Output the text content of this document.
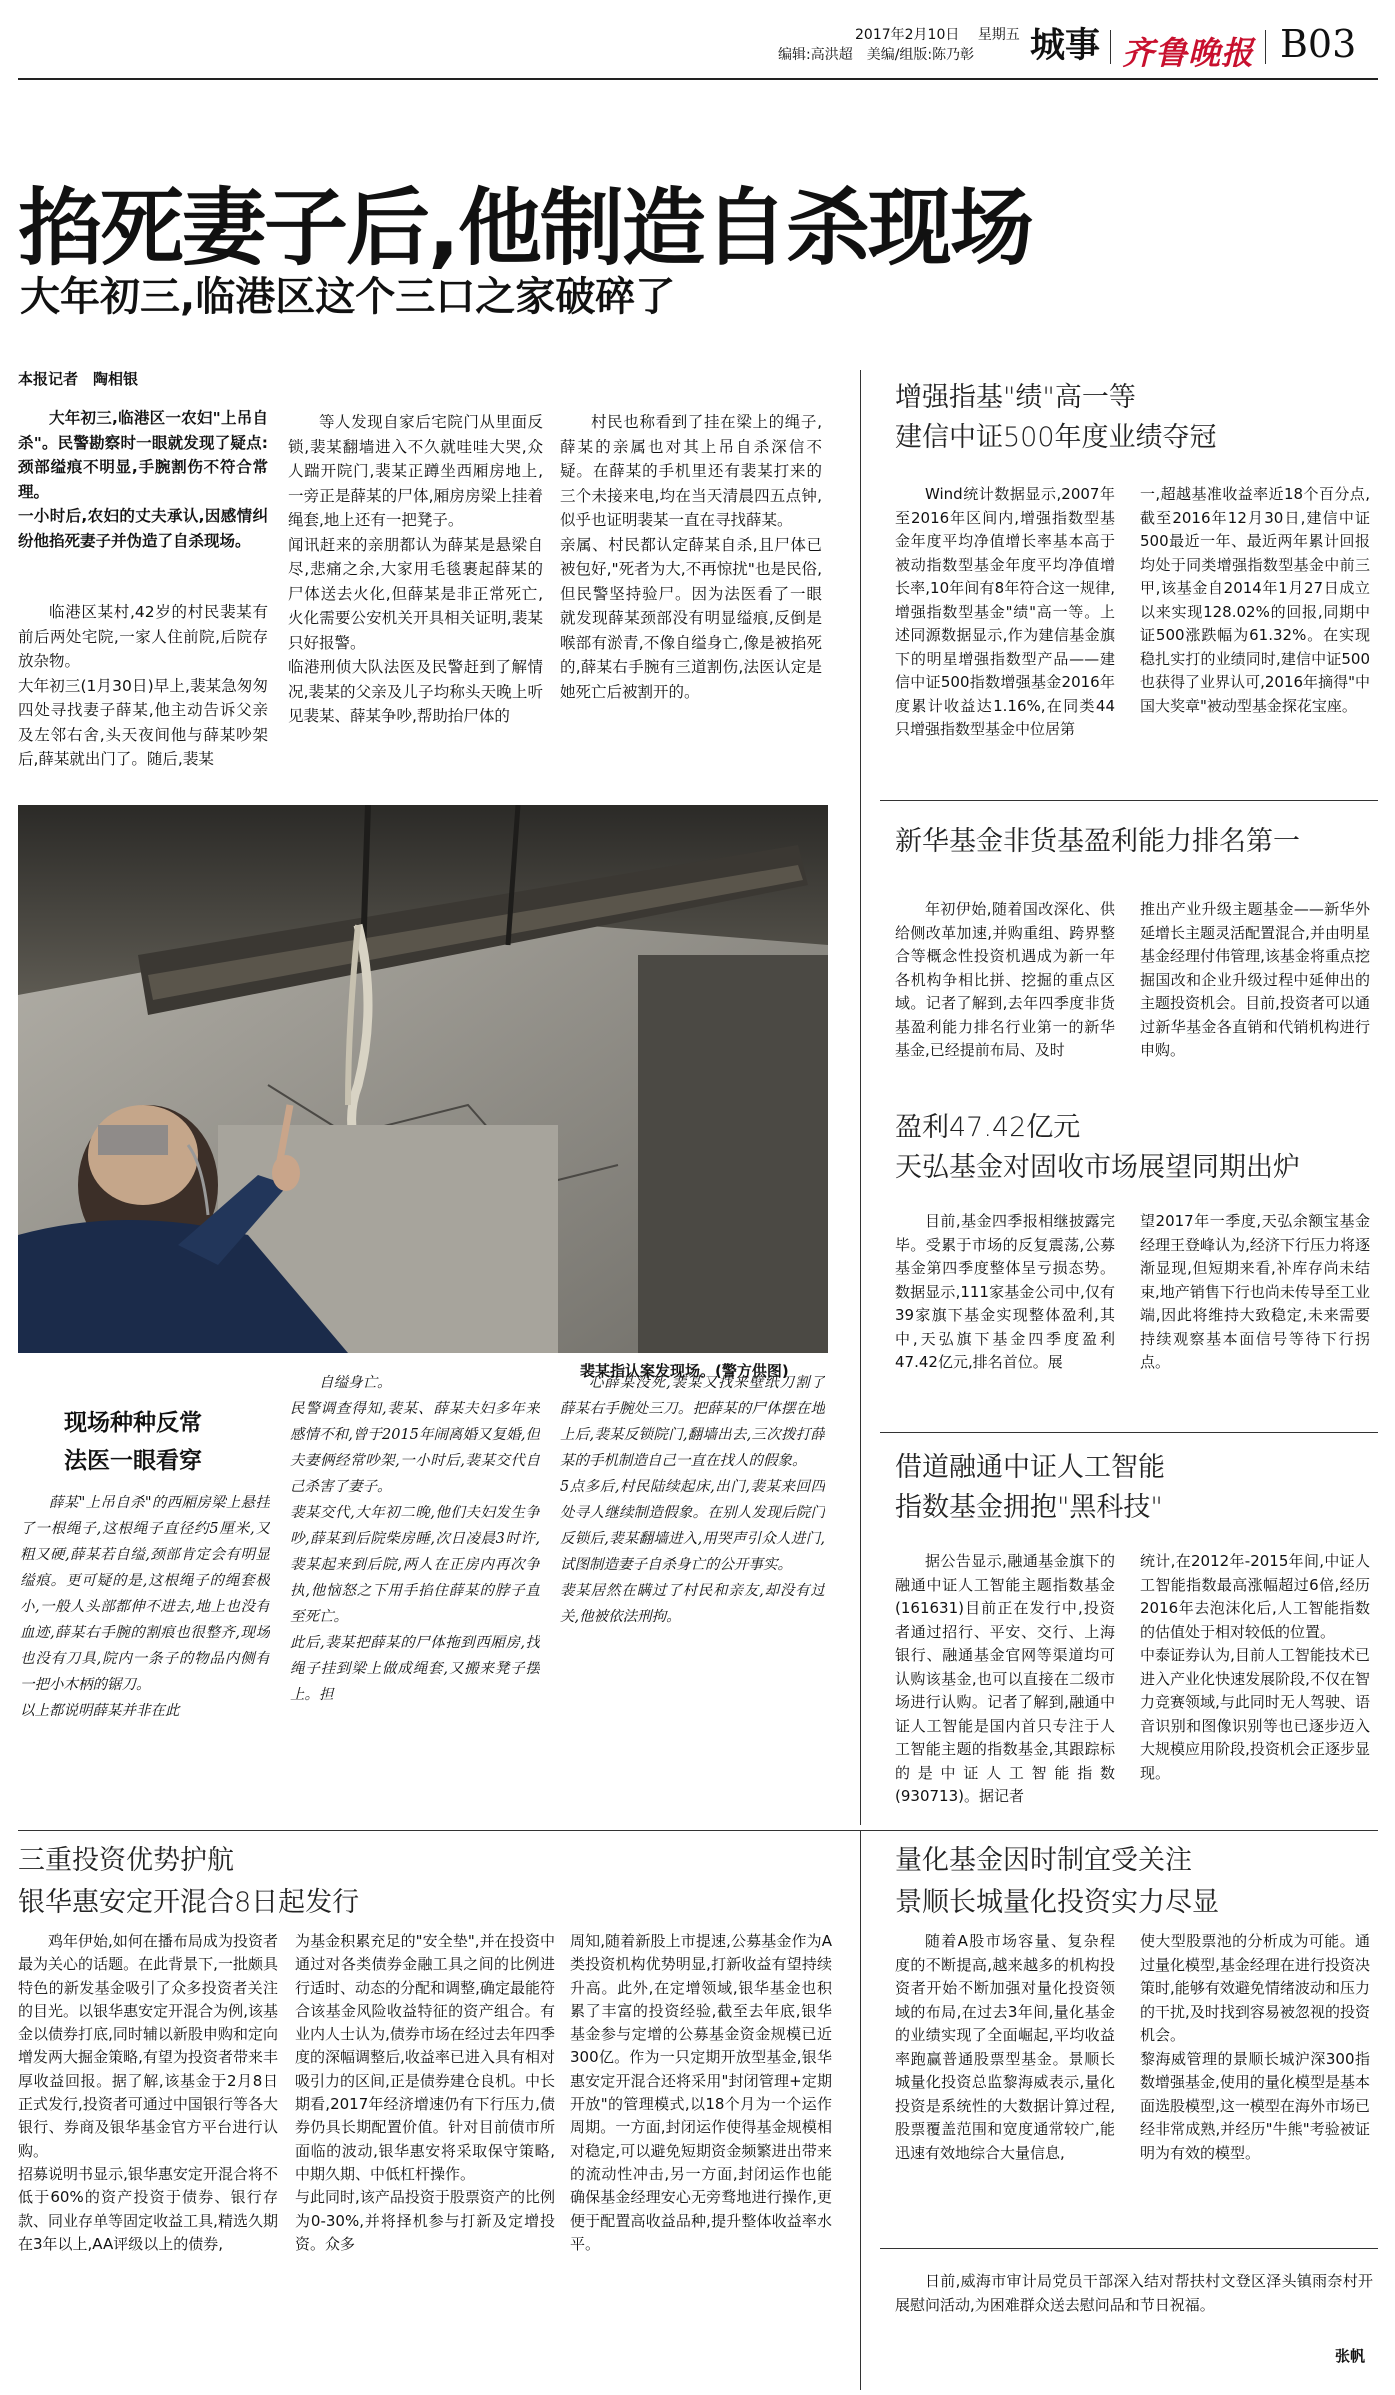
2017年2月10日 星期五
编辑:高洪超　美编/组版:陈乃彰 城事 齐鲁晚报 B03
掐死妻子后,他制造自杀现场
大年初三,临港区这个三口之家破碎了
本报记者　陶相银

大年初三,临港区一农妇"上吊自杀"。民警勘察时一眼就发现了疑点:颈部缢痕不明显,手腕割伤不符合常理。
一小时后,农妇的丈夫承认,因感情纠纷他掐死妻子并伪造了自杀现场。

临港区某村,42岁的村民裴某有前后两处宅院,一家人住前院,后院存放杂物。
大年初三(1月30日)早上,裴某急匆匆四处寻找妻子薛某,他主动告诉父亲及左邻右舍,头天夜间他与薛某吵架后,薛某就出门了。随后,裴某

等人发现自家后宅院门从里面反锁,裴某翻墙进入不久就哇哇大哭,众人踹开院门,裴某正蹲坐西厢房地上,一旁正是薛某的尸体,厢房房梁上挂着绳套,地上还有一把凳子。
闻讯赶来的亲朋都认为薛某是悬梁自尽,悲痛之余,大家用毛毯裹起薛某的尸体送去火化,但薛某是非正常死亡,火化需要公安机关开具相关证明,裴某只好报警。
临港刑侦大队法医及民警赶到了解情况,裴某的父亲及儿子均称头天晚上听见裴某、薛某争吵,帮助抬尸体的

村民也称看到了挂在梁上的绳子,薛某的亲属也对其上吊自杀深信不疑。在薛某的手机里还有裴某打来的三个未接来电,均在当天清晨四五点钟,似乎也证明裴某一直在寻找薛某。
亲属、村民都认定薛某自杀,且尸体已被包好,"死者为大,不再惊扰"也是民俗,但民警坚持验尸。因为法医看了一眼就发现薛某颈部没有明显缢痕,反倒是喉部有淤青,不像自缢身亡,像是被掐死的,薛某右手腕有三道割伤,法医认定是她死亡后被割开的。

裴某指认案发现场。(警方供图)
现场种种反常
法医一眼看穿

薛某"上吊自杀"的西厢房梁上悬挂了一根绳子,这根绳子直径约5厘米,又粗又硬,薛某若自缢,颈部肯定会有明显缢痕。更可疑的是,这根绳子的绳套极小,一般人头部都伸不进去,地上也没有血迹,薛某右手腕的割痕也很整齐,现场也没有刀具,院内一条子的物品内侧有一把小木柄的锯刀。
以上都说明薛某并非在此

自缢身亡。
民警调查得知,裴某、薛某夫妇多年来感情不和,曾于2015年闹离婚又复婚,但夫妻俩经常吵架,一小时后,裴某交代自己杀害了妻子。
裴某交代,大年初二晚,他们夫妇发生争吵,薛某到后院柴房睡,次日凌晨3时许,裴某起来到后院,两人在正房内再次争执,他恼怒之下用手掐住薛某的脖子直至死亡。
此后,裴某把薛某的尸体拖到西厢房,找绳子挂到梁上做成绳套,又搬来凳子摆上。担

心薛某没死,裴某又找来壁纸刀割了薛某右手腕处三刀。把薛某的尸体摆在地上后,裴某反锁院门,翻墙出去,三次拨打薛某的手机制造自己一直在找人的假象。
5点多后,村民陆续起床,出门,裴某来回四处寻人继续制造假象。在别人发现后院门反锁后,裴某翻墙进入,用哭声引众人进门,试图制造妻子自杀身亡的公开事实。
裴某居然在瞒过了村民和亲友,却没有过关,他被依法刑拘。

增强指基"绩"高一等
建信中证500年度业绩夺冠

Wind统计数据显示,2007年至2016年区间内,增强指数型基金年度平均净值增长率基本高于被动指数型基金年度平均净值增长率,10年间有8年符合这一规律,增强指数型基金"绩"高一等。上述同源数据显示,作为建信基金旗下的明星增强指数型产品——建信中证500指数增强基金2016年度累计收益达1.16%,在同类44只增强指数型基金中位居第

一,超越基准收益率近18个百分点,截至2016年12月30日,建信中证500最近一年、最近两年累计回报均处于同类增强指数型基金中前三甲,该基金自2014年1月27日成立以来实现128.02%的回报,同期中证500涨跌幅为61.32%。在实现稳扎实打的业绩同时,建信中证500也获得了业界认可,2016年摘得"中国大奖章"被动型基金探花宝座。

新华基金非货基盈利能力排名第一

年初伊始,随着国改深化、供给侧改革加速,并购重组、跨界整合等概念性投资机遇成为新一年各机构争相比拼、挖掘的重点区域。记者了解到,去年四季度非货基盈利能力排名行业第一的新华基金,已经提前布局、及时

推出产业升级主题基金——新华外延增长主题灵活配置混合,并由明星基金经理付伟管理,该基金将重点挖掘国改和企业升级过程中延伸出的主题投资机会。目前,投资者可以通过新华基金各直销和代销机构进行申购。

盈利47.42亿元
天弘基金对固收市场展望同期出炉

目前,基金四季报相继披露完毕。受累于市场的反复震荡,公募基金第四季度整体呈亏损态势。数据显示,111家基金公司中,仅有39家旗下基金实现整体盈利,其中,天弘旗下基金四季度盈利47.42亿元,排名首位。展

望2017年一季度,天弘余额宝基金经理王登峰认为,经济下行压力将逐渐显现,但短期来看,补库存尚未结束,地产销售下行也尚未传导至工业端,因此将维持大致稳定,未来需要持续观察基本面信号等待下行拐点。

借道融通中证人工智能
指数基金拥抱"黑科技"

据公告显示,融通基金旗下的融通中证人工智能主题指数基金(161631)目前正在发行中,投资者通过招行、平安、交行、上海银行、融通基金官网等渠道均可认购该基金,也可以直接在二级市场进行认购。记者了解到,融通中证人工智能是国内首只专注于人工智能主题的指数基金,其跟踪标的是中证人工智能指数(930713)。据记者

统计,在2012年-2015年间,中证人工智能指数最高涨幅超过6倍,经历2016年去泡沫化后,人工智能指数的估值处于相对较低的位置。
中泰证券认为,目前人工智能技术已进入产业化快速发展阶段,不仅在智力竞赛领域,与此同时无人驾驶、语音识别和图像识别等也已逐步迈入大规模应用阶段,投资机会正逐步显现。

三重投资优势护航
银华惠安定开混合8日起发行

鸡年伊始,如何在播布局成为投资者最为关心的话题。在此背景下,一批颇具特色的新发基金吸引了众多投资者关注的目光。以银华惠安定开混合为例,该基金以债券打底,同时辅以新股申购和定向增发两大掘金策略,有望为投资者带来丰厚收益回报。据了解,该基金于2月8日正式发行,投资者可通过中国银行等各大银行、券商及银华基金官方平台进行认购。
招募说明书显示,银华惠安定开混合将不低于60%的资产投资于债券、银行存款、同业存单等固定收益工具,精选久期在3年以上,AA评级以上的债券,

为基金积累充足的"安全垫",并在投资中通过对各类债券金融工具之间的比例进行适时、动态的分配和调整,确定最能符合该基金风险收益特征的资产组合。有业内人士认为,债券市场在经过去年四季度的深幅调整后,收益率已进入具有相对吸引力的区间,正是债券建仓良机。中长期看,2017年经济增速仍有下行压力,债券仍具长期配置价值。针对目前债市所面临的波动,银华惠安将采取保守策略,中期久期、中低杠杆操作。
与此同时,该产品投资于股票资产的比例为0-30%,并将择机参与打新及定增投资。众多

周知,随着新股上市提速,公募基金作为A类投资机构优势明显,打新收益有望持续升高。此外,在定增领域,银华基金也积累了丰富的投资经验,截至去年底,银华基金参与定增的公募基金资金规模已近300亿。作为一只定期开放型基金,银华惠安定开混合还将采用"封闭管理+定期开放"的管理模式,以18个月为一个运作周期。一方面,封闭运作使得基金规模相对稳定,可以避免短期资金频繁进出带来的流动性冲击,另一方面,封闭运作也能确保基金经理安心无旁骛地进行操作,更便于配置高收益品种,提升整体收益率水平。

量化基金因时制宜受关注
景顺长城量化投资实力尽显

随着A股市场容量、复杂程度的不断提高,越来越多的机构投资者开始不断加强对量化投资领域的布局,在过去3年间,量化基金的业绩实现了全面崛起,平均收益率跑赢普通股票型基金。景顺长城量化投资总监黎海威表示,量化投资是系统性的大数据计算过程,股票覆盖范围和宽度通常较广,能迅速有效地综合大量信息,

使大型股票池的分析成为可能。通过量化模型,基金经理在进行投资决策时,能够有效避免情绪波动和压力的干扰,及时找到容易被忽视的投资机会。
黎海威管理的景顺长城沪深300指数增强基金,使用的量化模型是基本面选股模型,这一模型在海外市场已经非常成熟,并经历"牛熊"考验被证明为有效的模型。

日前,威海市审计局党员干部深入结对帮扶村文登区泽头镇雨奈村开展慰问活动,为困难群众送去慰问品和节日祝福。

张帆
